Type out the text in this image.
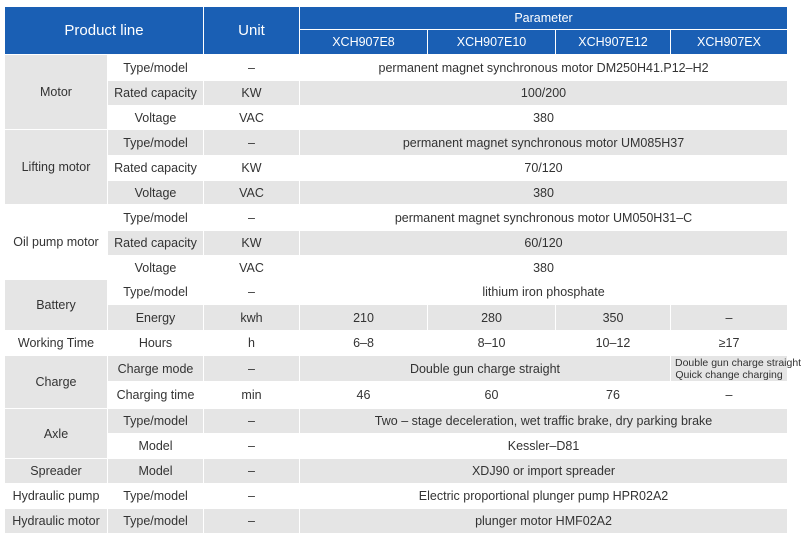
Product line		Unit	Parameter			
			XCH907E8	XCH907E10	XCH907E12	XCH907EX
Motor	Type/model	–	permanent magnet synchronous motor DM250H41.P12–H2			
	Rated capacity	KW	100/200			
	Voltage	VAC	380			
Lifting motor	Type/model	–	permanent magnet synchronous motor UM085H37			
	Rated capacity	KW	70/120			
	Voltage	VAC	380			
Oil pump motor	Type/model	–	permanent magnet synchronous motor UM050H31–C			
	Rated capacity	KW	60/120			
	Voltage	VAC	380			
Battery	Type/model	–	lithium iron phosphate			
	Energy	kwh	210	280	350	–
Working Time	Hours	h	6–8	8–10	10–12	≥17
Charge	Charge mode	–	Double gun charge straight			Double gun charge straight
Quick change charging

	Charging time	min	46	60	76	–
Axle	Type/model	–	Two – stage deceleration, wet traffic brake, dry parking brake			
	Model	–	Kessler–D81			
Spreader	Model	–	XDJ90 or import spreader			
Hydraulic pump	Type/model	–	Electric proportional plunger pump HPR02A2			
Hydraulic motor	Type/model	–	plunger motor HMF02A2			
